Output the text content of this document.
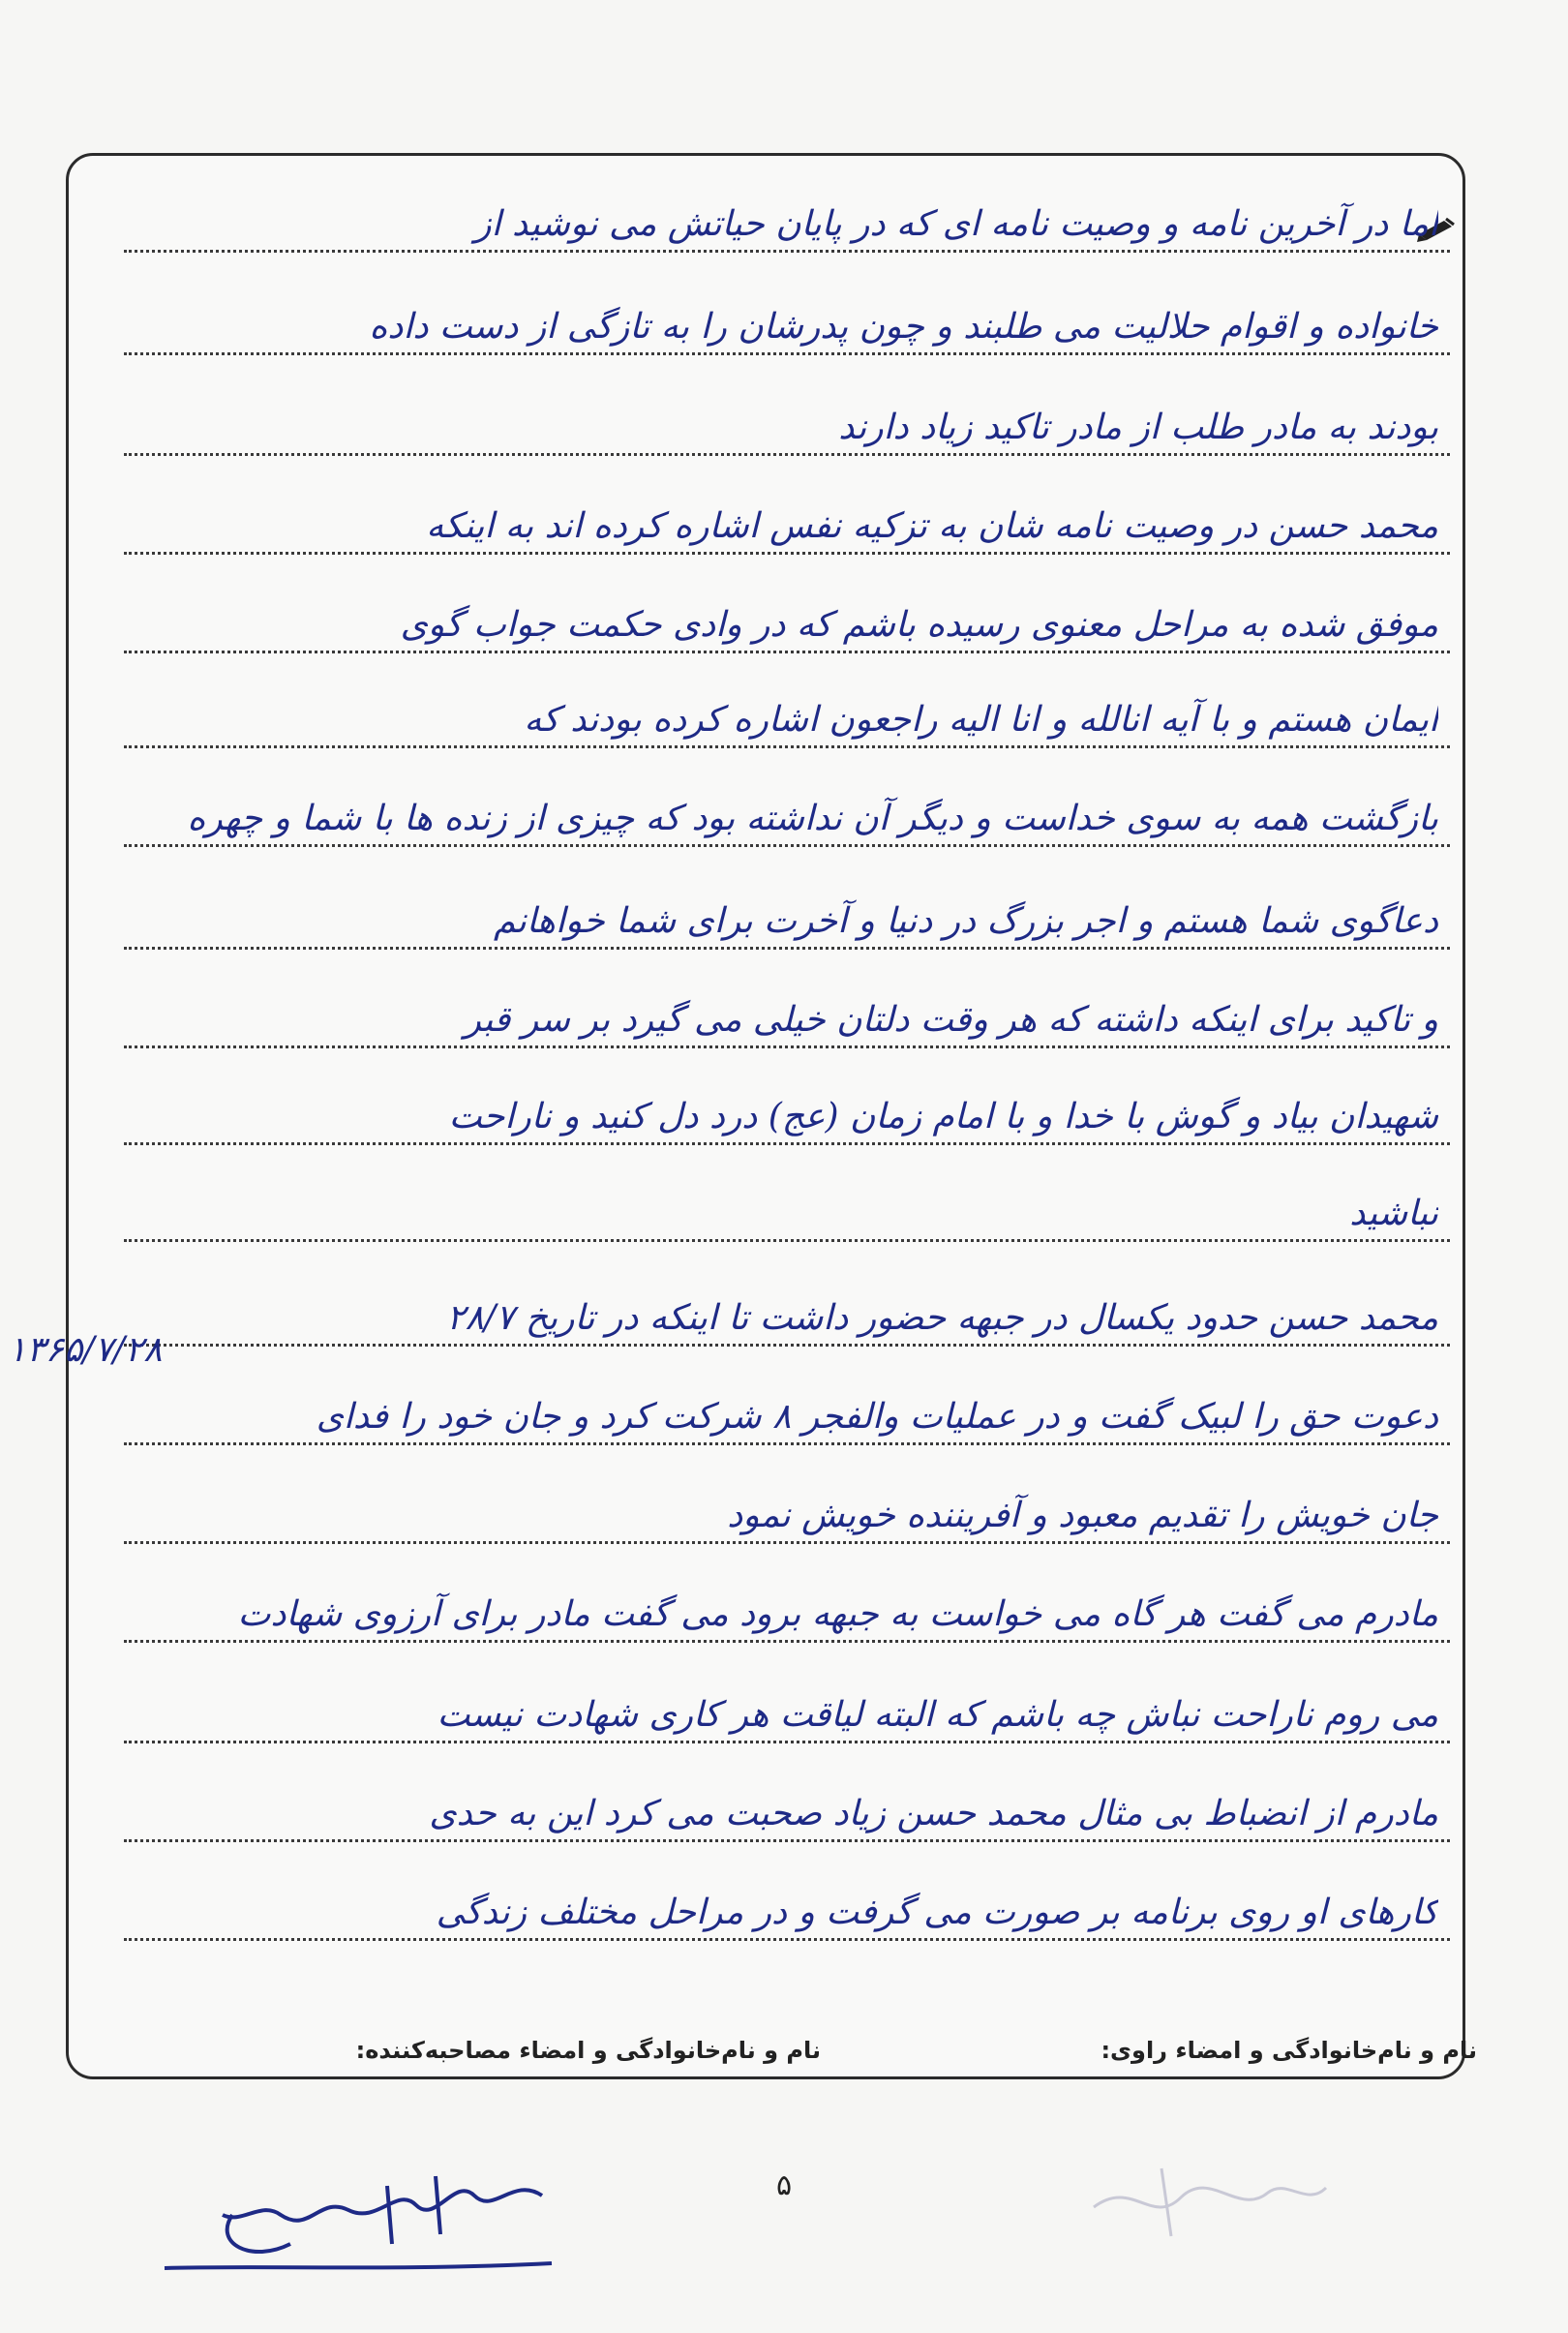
اما در آخرین نامه و وصیت نامه ای که در پایان حیاتش می نوشید از
خانواده و اقوام حلالیت می طلبند و چون پدرشان را به تازگی از دست داده
بودند به مادر طلب از مادر تاکید زیاد دارند
محمد حسن در وصیت نامه شان به تزکیه نفس اشاره کرده اند به اینکه
موفق شده به مراحل معنوی رسیده باشم که در وادی حکمت جواب گوی
ایمان هستم و با آیه انالله و انا الیه راجعون اشاره کرده بودند که
بازگشت همه به سوی خداست و دیگر آن نداشته بود که چیزی از زنده ها با شما و چهره
دعاگوی شما هستم و اجر بزرگ در دنیا و آخرت برای شما خواهانم
و تاکید برای اینکه داشته که هر وقت دلتان خیلی می گیرد بر سر قبر
شهیدان بیاد و گوش با خدا و با امام زمان (عج) درد دل کنید و ناراحت
نباشید
محمد حسن حدود یکسال در جبهه حضور داشت تا اینکه در تاریخ ۲۸/۷
دعوت حق را لبیک گفت و در عملیات والفجر ۸ شرکت کرد و جان خود را فدای
جان خویش را تقدیم معبود و آفریننده خویش نمود
مادرم می گفت هر گاه می خواست به جبهه برود می گفت مادر برای آرزوی شهادت
می روم ناراحت نباش چه باشم که البته لیاقت هر کاری شهادت نیست
مادرم از انضباط بی مثال محمد حسن زیاد صحبت می کرد این به حدی
کارهای او روی برنامه بر صورت می گرفت و در مراحل مختلف زندگی
۱۳۶۵/۷/۲۸
نام و نام‌خانوادگی و امضاء راوی:
نام و نام‌خانوادگی و امضاء مصاحبه‌کننده:
۵
